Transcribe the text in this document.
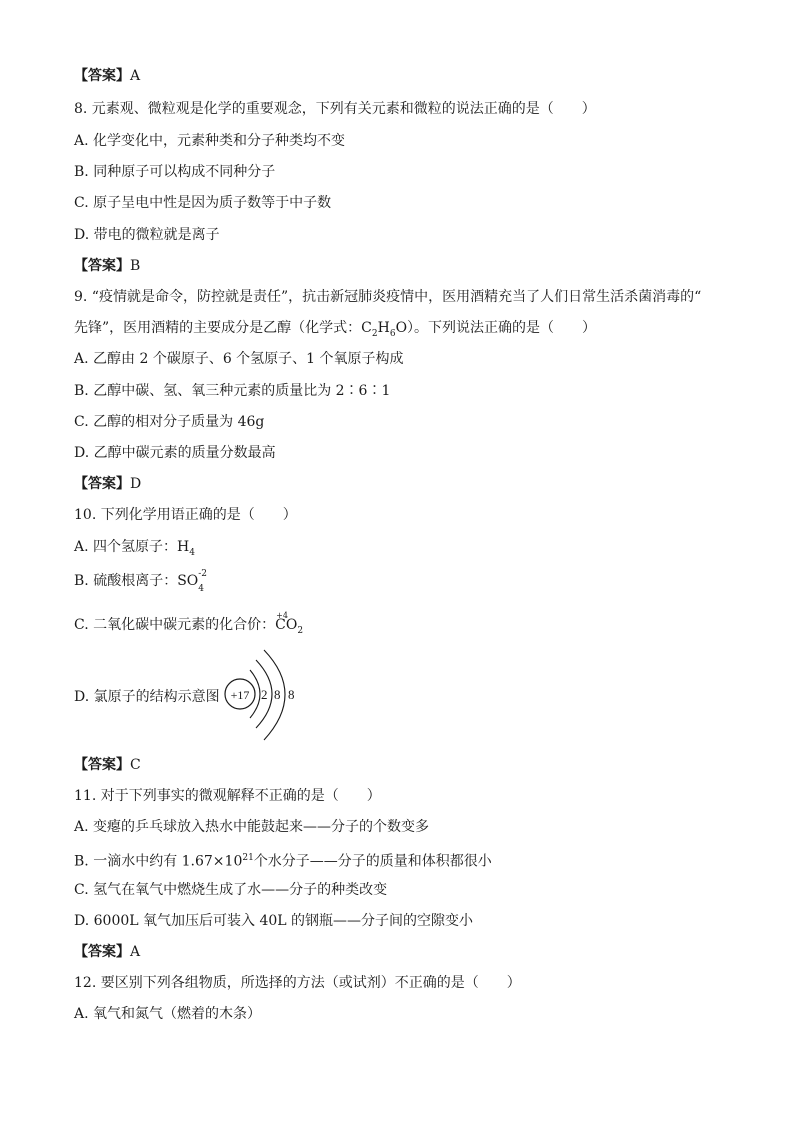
【答案】A
8. 元素观、微粒观是化学的重要观念，下列有关元素和微粒的说法正确的是（　　）
A. 化学变化中，元素种类和分子种类均不变
B. 同种原子可以构成不同种分子
C. 原子呈电中性是因为质子数等于中子数
D. 带电的微粒就是离子
【答案】B
9. “疫情就是命令，防控就是责任”，抗击新冠肺炎疫情中，医用酒精充当了人们日常生活杀菌消毒的“
先锋”，医用酒精的主要成分是乙醇（化学式：$C_2H_6O$）。下列说法正确的是（　　）
A. 乙醇由 2 个碳原子、6 个氢原子、1 个氧原子构成
B. 乙醇中碳、氢、氧三种元素的质量比为 2∶6∶1
C. 乙醇的相对分子质量为 46g
D. 乙醇中碳元素的质量分数最高
【答案】D
10. 下列化学用语正确的是（　　）
A. 四个氢原子：$H_4$
B. 硫酸根离子：SO -2
4
C. 二氧化碳中碳元素的化合价：
+4
$CO_2$
D. 氯原子的结构示意图 +17 2 8 8
【答案】C
11. 对于下列事实的微观解释不正确的是（　　）
A. 变瘪的乒乓球放入热水中能鼓起来——分子的个数变多
B. 一滴水中约有 $1.67\times 10^{21}$个水分子——分子的质量和体积都很小
C. 氢气在氧气中燃烧生成了水——分子的种类改变
D. 6000L 氧气加压后可装入 40L 的钢瓶——分子间的空隙变小
【答案】A
12. 要区别下列各组物质，所选择的方法（或试剂）不正确的是（　　）
A. 氧气和氮气（燃着的木条）
